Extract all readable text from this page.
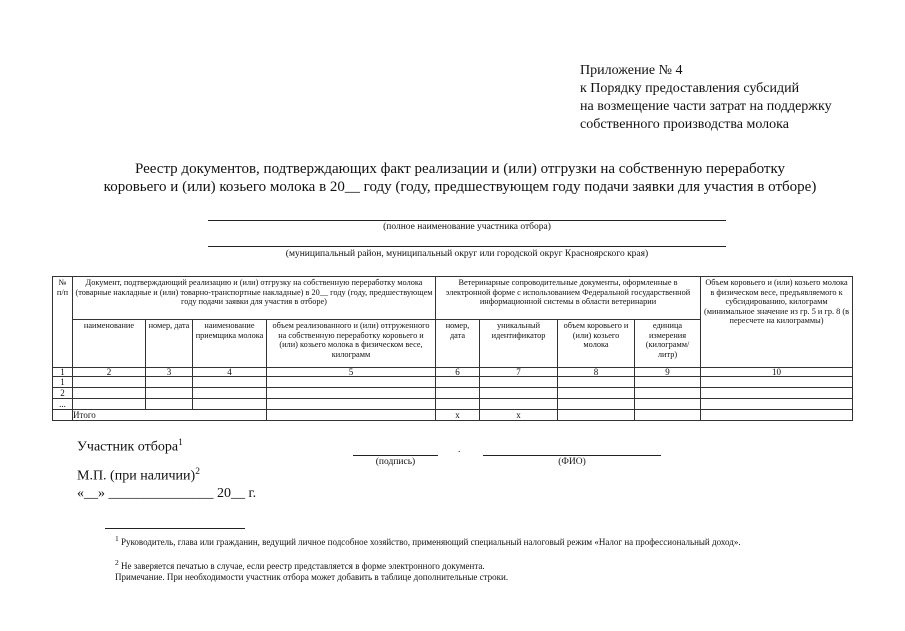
Приложение № 4
к Порядку предоставления субсидий
на возмещение части затрат на поддержку
собственного производства молока
Реестр документов, подтверждающих факт реализации и (или) отгрузки на собственную переработку
коровьего и (или) козьего молока в 20__ году (году, предшествующем году подачи заявки для участия в отборе)
(полное наименование участника отбора)
(муниципальный район, муниципальный округ или городской округ Красноярского края)
№ п/п	Документ, подтверждающий реализацию и (или) отгрузку на собственную переработку молока (товарные накладные и (или) товарно-транспортные накладные) в 20__ году (году, предшествующем году подачи заявки для участия в отборе)				Ветеринарные сопроводительные документы, оформленные в электронной форме с использованием Федеральной государственной информационной системы в области ветеринарии				Объем коровьего и (или) козьего молока в физическом весе, предъявляемого к субсидированию, килограмм (минимальное значение из гр. 5 и гр. 8 (в пересчете на килограммы)
	наименование	номер, дата	наименование приемщика молока	объем реализованного и (или) отгруженного на собственную переработку коровьего и (или) козьего молока в физическом весе, килограмм	номер, дата	уникальный идентификатор	объем коровьего и (или) козьего молока	единица измерения (килограмм/ литр)	
1	2	3	4	5	6	7	8	9	10
1									
2									
...									
	Итого				х	х			
Участник отбора$^1$
(подпись)
.
(ФИО)
М.П. (при наличии)$^2$
«__» _______________ 20__ г.
$^1$ Руководитель, глава или гражданин, ведущий личное подсобное хозяйство, применяющий специальный налоговый режим «Налог на профессиональный доход».
$^2$ Не заверяется печатью в случае, если реестр представляется в форме электронного документа.
Примечание. При необходимости участник отбора может добавить в таблице дополнительные строки.
